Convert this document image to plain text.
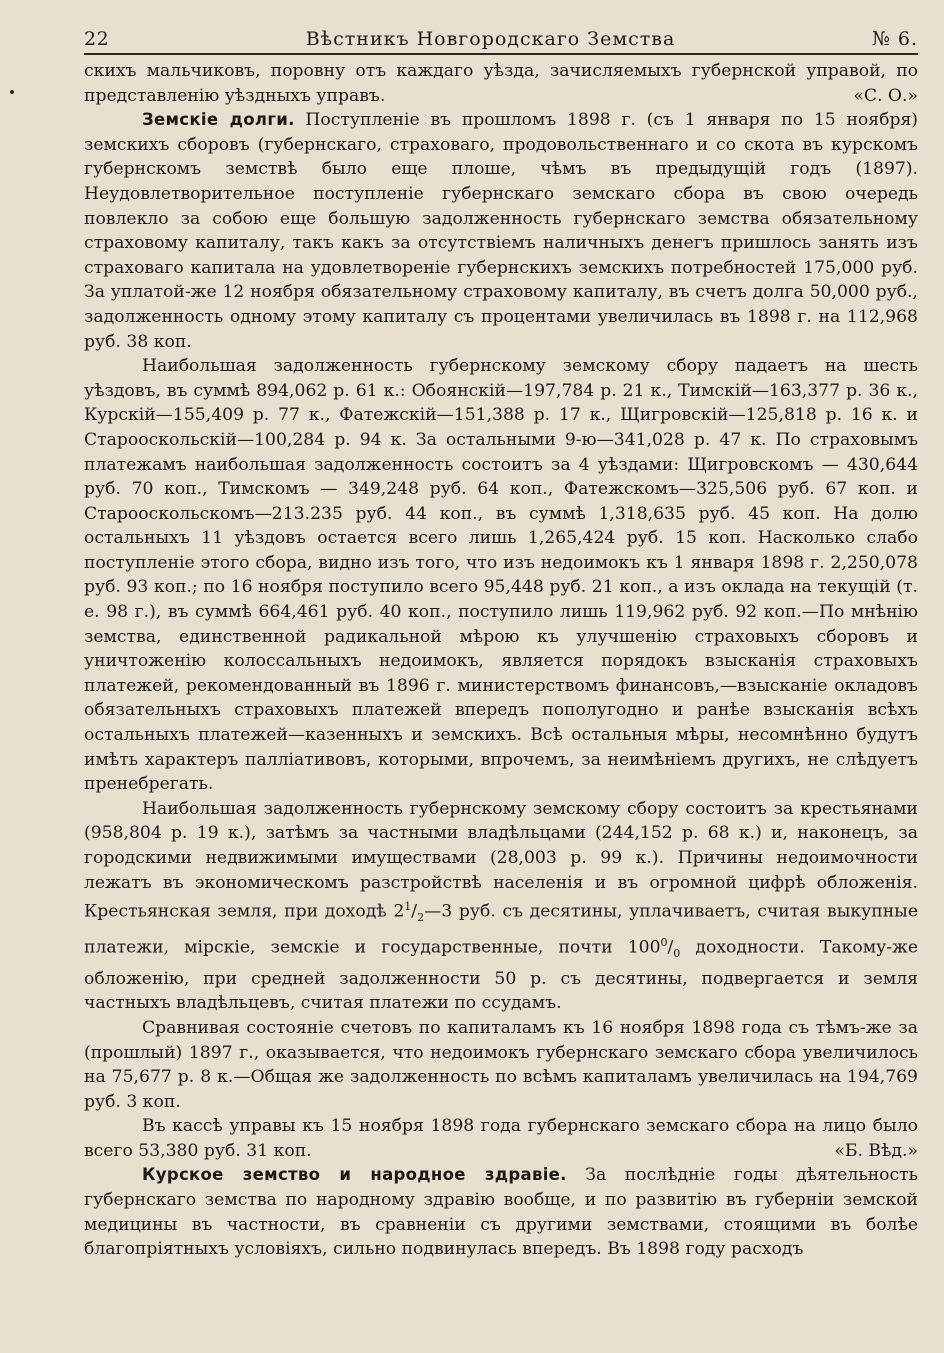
22	Вѣстникъ Новгородскаго Земства	№ 6.

скихъ мальчиковъ, поровну отъ каждаго уѣзда, зачисляемыхъ губернской управой, по представленію уѣздныхъ управъ.	«С. О.»

Земскіе долги. Поступленіе въ прошломъ 1898 г. (съ 1 января по 15 ноября) земскихъ сборовъ (губернскаго, страховаго, продовольственнаго и со скота въ курскомъ губернскомъ земствѣ было еще плоше, чѣмъ въ предыдущій годъ (1897). Неудовлетворительное поступленіе губернскаго земскаго сбора въ свою очередь повлекло за собою еще большую задолженность губернскаго земства обязательному страховому капиталу, такъ какъ за отсутствіемъ наличныхъ денегъ пришлось занять изъ страховаго капитала на удовлетвореніе губернскихъ земскихъ потребностей 175,000 руб. За уплатой-же 12 ноября обязательному страховому капиталу, въ счетъ долга 50,000 руб., задолженность одному этому капиталу съ процентами увеличилась въ 1898 г. на 112,968 руб. 38 коп.

Наибольшая задолженность губернскому земскому сбору падаетъ на шесть уѣздовъ, въ суммѣ 894,062 р. 61 к.: Обоянскій—197,784 р. 21 к., Тимскій—163,377 р. 36 к., Курскій—155,409 р. 77 к., Фатежскій—151,388 р. 17 к., Щигровскій—125,818 р. 16 к. и Старооскольскій—100,284 р. 94 к. За остальными 9-ю—341,028 р. 47 к. По страховымъ платежамъ наибольшая задолженность состоитъ за 4 уѣздами: Щигровскомъ — 430,644 руб. 70 коп., Тимскомъ — 349,248 руб. 64 коп., Фатежскомъ—325,506 руб. 67 коп. и Старооскольскомъ—213.235 руб. 44 коп., въ суммѣ 1,318,635 руб. 45 коп. На долю остальныхъ 11 уѣздовъ остается всего лишь 1,265,424 руб. 15 коп. Насколько слабо поступленіе этого сбора, видно изъ того, что изъ недоимокъ къ 1 января 1898 г. 2,250,078 руб. 93 коп.; по 16 ноября поступило всего 95,448 руб. 21 коп., а изъ оклада на текущій (т. е. 98 г.), въ суммѣ 664,461 руб. 40 коп., поступило лишь 119,962 руб. 92 коп.—По мнѣнію земства, единственной радикальной мѣрою къ улучшенію страховыхъ сборовъ и уничтоженію колоссальныхъ недоимокъ, является порядокъ взысканія страховыхъ платежей, рекомендованный въ 1896 г. министерствомъ финансовъ,—взысканіе окладовъ обязательныхъ страховыхъ платежей впередъ пополугодно и ранѣе взысканія всѣхъ остальныхъ платежей—казенныхъ и земскихъ. Всѣ остальныя мѣры, несомнѣнно будутъ имѣть характеръ палліативовъ, которыми, впрочемъ, за неимѣніемъ другихъ, не слѣдуетъ пренебрегать.

Наибольшая задолженность губернскому земскому сбору состоитъ за крестьянами (958,804 р. 19 к.), затѣмъ за частными владѣльцами (244,152 р. 68 к.) и, наконецъ, за городскими недвижимыми имуществами (28,003 р. 99 к.). Причины недоимочности лежатъ въ экономическомъ разстройствѣ населенія и въ огромной цифрѣ обложенія. Крестьянская земля, при доходѣ $2^1/_2—3$ руб. съ десятины, уплачиваетъ, считая выкупные платежи, мірскіе, земскіе и государственные, почти $100^0/_0$ доходности. Такому-же обложенію, при средней задолженности 50 р. съ десятины, подвергается и земля частныхъ владѣльцевъ, считая платежи по ссудамъ.

Сравнивая состояніе счетовъ по капиталамъ къ 16 ноября 1898 года съ тѣмъ-же за (прошлый) 1897 г., оказывается, что недоимокъ губернскаго земскаго сбора увеличилось на 75,677 р. 8 к.—Общая же задолженность по всѣмъ капиталамъ увеличилась на 194,769 руб. 3 коп.

Въ кассѣ управы къ 15 ноября 1898 года губернскаго земскаго сбора на лицо было всего 53,380 руб. 31 коп.	«Б. Вѣд.»

Курское земство и народное здравіе. За послѣдніе годы дѣятельность губернскаго земства по народному здравію вообще, и по развитію въ губерніи земской медицины въ частности, въ сравненіи съ другими земствами, стоящими въ болѣе благопріятныхъ условіяхъ, сильно подвинулась впередъ. Въ 1898 году расходъ
